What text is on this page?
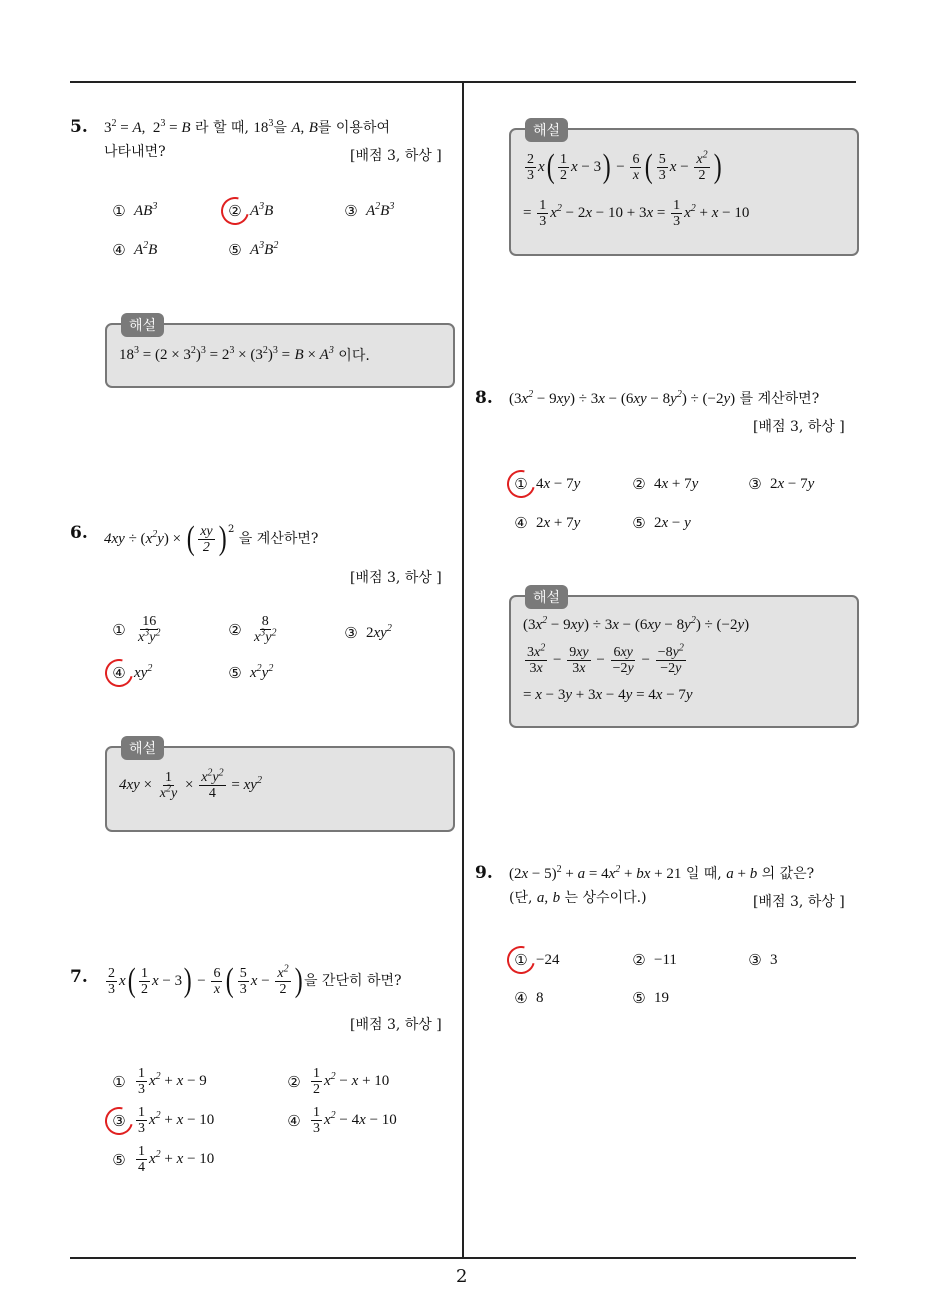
2
5. $3^2 = A$,  $2^3 = B$ 라 할 때, $18^3$을 A, B를 이용하여
나타내면?	[배점 3, 하상 ]
① $AB^3$	② $A^3B$	③ $A^2B^3$
④ $A^2B$	⑤ $A^3B^2$
해설
$18^3 = (2 \times 3^2)^3 = 2^3 \times (3^2)^3$ =
$B \times A^3$
이다.
6. 4xy ÷ ( $x^2y$ ) × ( $\frac{xy}{2}$ ) 2

을 계산하면?
[배점 3, 하상 ]
① $\frac{16}{x^3y^2}$	② $\frac{8}{x^3y^2}$	③ 2 $xy^2$
④ $xy^2$	⑤ $x^2y^2$
해설
$4xy \times \frac{1}{x^2y} \times \frac{x^2y^2}{4} = xy^2$
7. $\frac{2}{3}$ x ( $\frac{1}{2}$ x − 3 ) − $\frac{6}{x}$ ( $\frac{5}{3}$ $x - \frac{x^2}{2}$ ) 을 간단히 하면?
[배점 3, 하상 ]
① $\frac{1}{3} x^2 + x - 9$	② $\frac{1}{2} x^2 - x + 10$
③ $\frac{1}{3} x^2 + x - 10$	④ $\frac{1}{3} x^2 - 4$ x − 10
⑤ $\frac{1}{4} x^2 + x - 10$
해설
$\frac{2}{3}$ x ( $\frac{1}{2}$ x − 3 ) − $\frac{6}{x}$ ( $\frac{5}{3}$ $x - \frac{x^2}{2}$ )
= $\frac{1}{3} x^2 - 2$ x − 10 + 3 $x = \frac{1}{3} x^2 + x - 10$
8. $(3x^2 - 9xy) \div 3x - (6xy - 8y^2) \div (-2y)$ 를 계산하면?
[배점 3, 하상 ]
① 4 x − 7 y	② 4 x + 7 y	③ 2 x − 7 y
④ 2 x + 7 y	⑤ 2 x − y
해설
(3 $x^2 - 9$ xy ) ÷ 3 x − (6 xy − 8 $y^2$ ) ÷ (−2 y )
$\frac{3x^2}{3x} - \frac{9xy}{3x} - \frac{6xy}{-2y} - \frac{-8y^2}{-2y}$
= x − 3 y + 3 x − 4 y = 4 x − 7 y
9. $(2x - 5)^2 + a = 4x^2$ + bx + 21 일 때, a + b 의 값은?
(단, a, b 는 상수이다.)	[배점 3, 하상 ]
① −24	② −11	③ 3
④ 8	⑤ 19
